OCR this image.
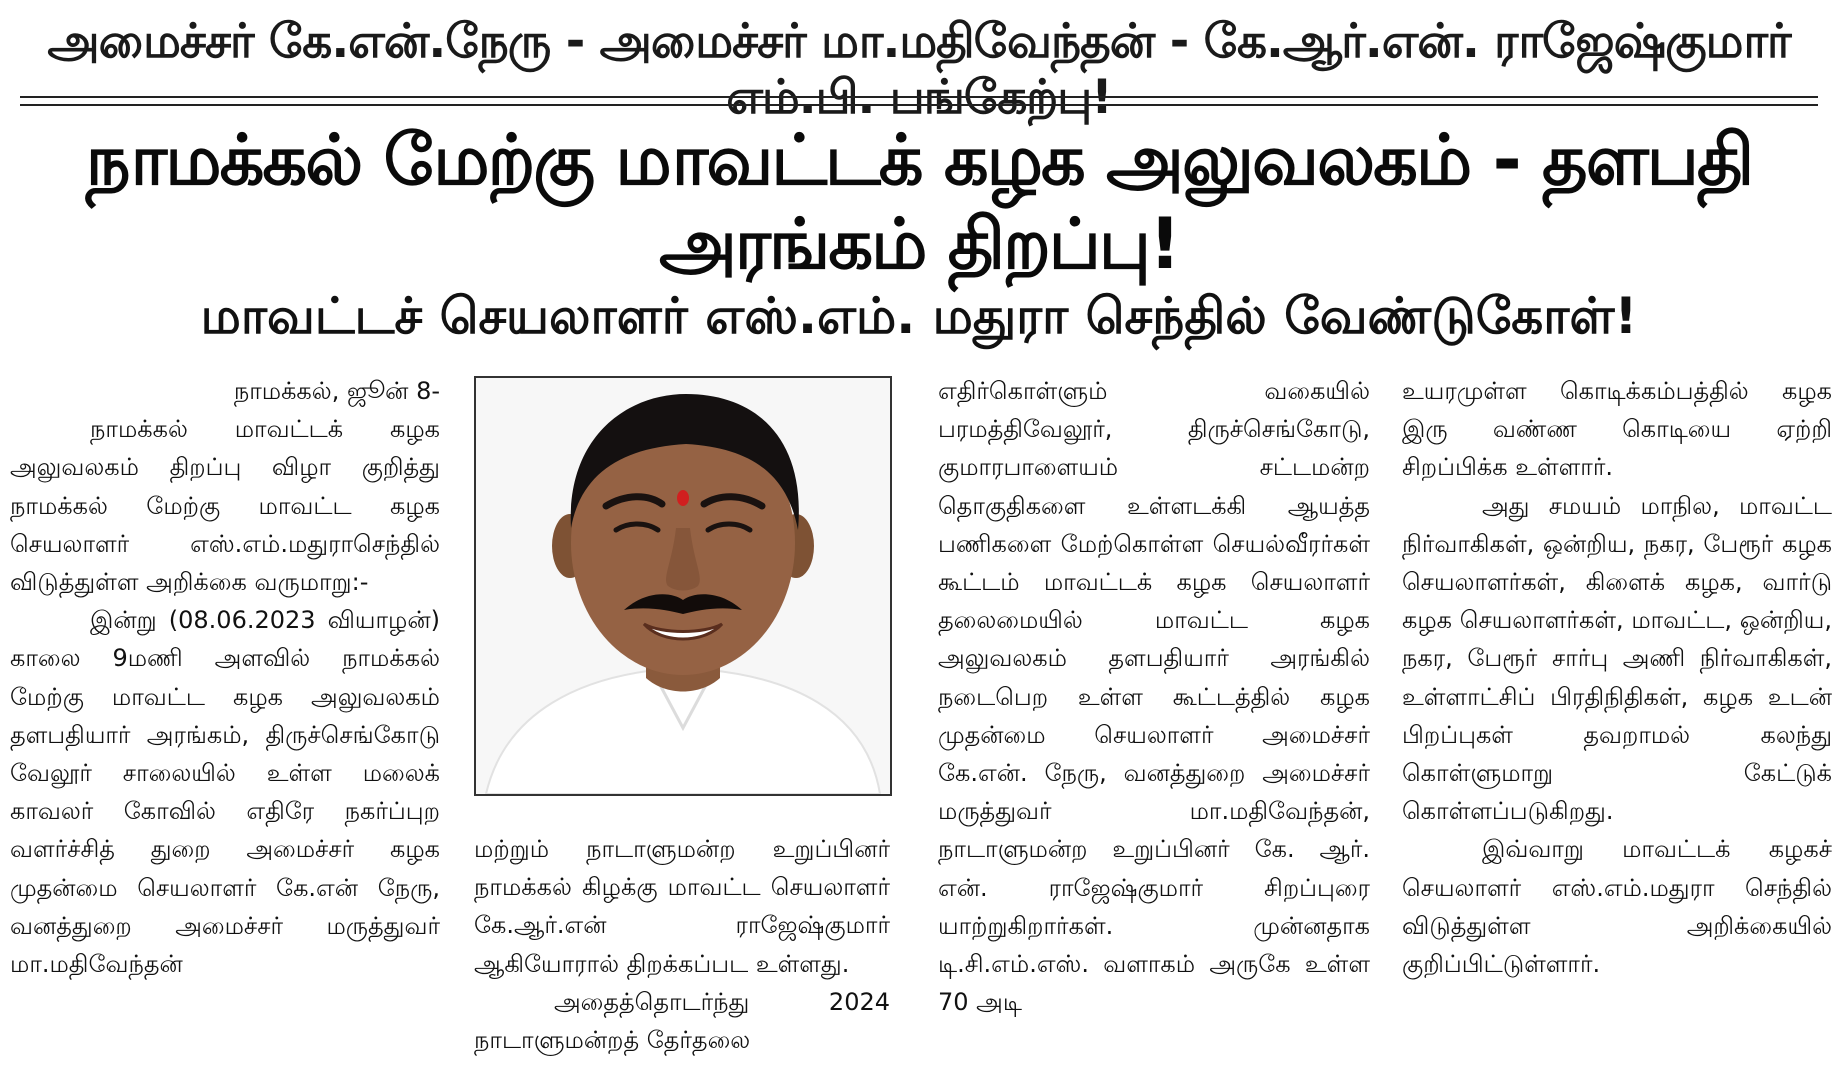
அமைச்சர் கே.என்.நேரு - அமைச்சர் மா.மதிவேந்தன் - கே.ஆர்.என். ராஜேஷ்குமார் எம்.பி. பங்கேற்பு!
நாமக்கல் மேற்கு மாவட்டக் கழக அலுவலகம் - தளபதி அரங்கம் திறப்பு!
மாவட்டச் செயலாளர் எஸ்.எம். மதுரா செந்தில் வேண்டுகோள்!

நாமக்கல், ஜூன் 8-

நாமக்கல் மாவட்டக் கழக அலுவலகம் திறப்பு விழா குறித்து நாமக்கல் மேற்கு மாவட்ட கழக செயலாளர் எஸ்.எம்.மதுராசெந்தில் விடுத்துள்ள அறிக்கை வருமாறு:-

இன்று (08.06.2023 வியாழன்) காலை 9மணி அளவில் நாமக்கல் மேற்கு மாவட்ட கழக அலுவலகம் தளபதியார் அரங்கம், திருச்செங்கோடு வேலூர் சாலையில் உள்ள மலைக் காவலர் கோவில் எதிரே நகர்ப்புற வளர்ச்சித் துறை அமைச்சர் கழக முதன்மை செயலாளர் கே.என் நேரு, வனத்துறை அமைச்சர் மருத்துவர் மா.மதிவேந்தன்

மற்றும் நாடாளுமன்ற உறுப்பினர் நாமக்கல் கிழக்கு மாவட்ட செயலாளர் கே.ஆர்.என் ராஜேஷ்குமார் ஆகியோரால் திறக்கப்பட உள்ளது.

அதைத்தொடர்ந்து 2024 நாடாளுமன்றத் தேர்தலை

எதிர்கொள்ளும் வகையில் பரமத்திவேலூர், திருச்செங்கோடு, குமாரபாளையம் சட்டமன்ற தொகுதிகளை உள்ளடக்கி ஆயத்த பணிகளை மேற்கொள்ள செயல்வீரர்கள் கூட்டம் மாவட்டக் கழக செயலாளர் தலைமையில் மாவட்ட கழக அலுவலகம் தளபதியார் அரங்கில் நடைபெற உள்ள கூட்டத்தில் கழக முதன்மை செயலாளர் அமைச்சர் கே.என். நேரு, வனத்துறை அமைச்சர் மருத்துவர் மா.மதிவேந்தன், நாடாளுமன்ற உறுப்பினர் கே. ஆர். என். ராஜேஷ்குமார் சிறப்புரை யாற்றுகிறார்கள். முன்னதாக டி.சி.எம்.எஸ். வளாகம் அருகே உள்ள 70 அடி

உயரமுள்ள கொடிக்கம்பத்தில் கழக இரு வண்ண கொடியை ஏற்றி சிறப்பிக்க உள்ளார்.

அது சமயம் மாநில, மாவட்ட நிர்வாகிகள், ஒன்றிய, நகர, பேரூர் கழக செயலாளர்கள், கிளைக் கழக, வார்டு கழக செயலாளர்கள், மாவட்ட, ஒன்றிய, நகர, பேரூர் சார்பு அணி நிர்வாகிகள், உள்ளாட்சிப் பிரதிநிதிகள், கழக உடன் பிறப்புகள் தவறாமல் கலந்து கொள்ளுமாறு கேட்டுக் கொள்ளப்படுகிறது.

இவ்வாறு மாவட்டக் கழகச் செயலாளர் எஸ்.எம்.மதுரா செந்தில் விடுத்துள்ள அறிக்கையில் குறிப்பிட்டுள்ளார்.
